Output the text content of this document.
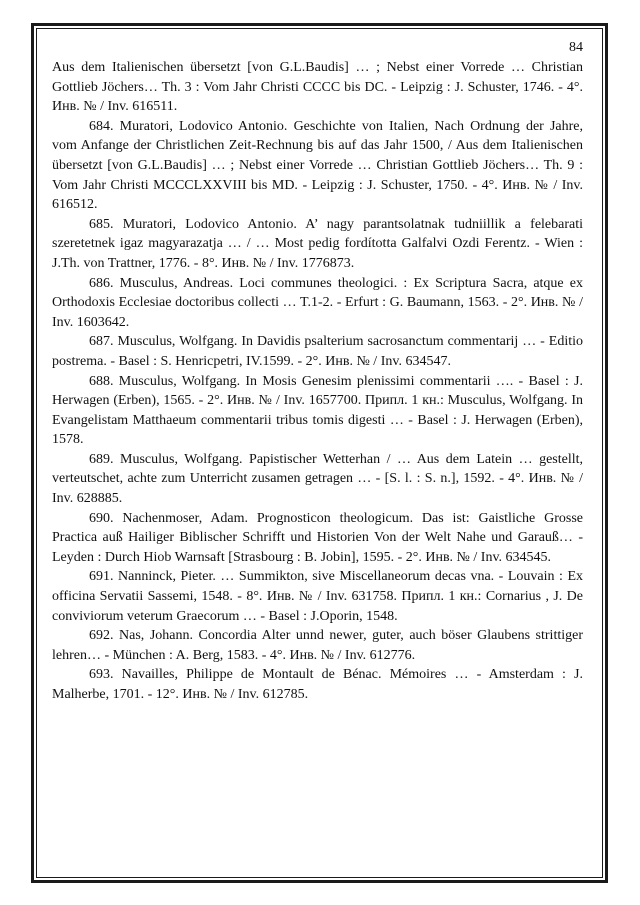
84

Aus dem Italienischen übersetzt [von G.L.Baudis] … ; Nebst einer Vorrede … Christian Gottlieb Jöchers… Th. 3 : Vom Jahr Christi CCCC bis DC. - Leipzig : J. Schuster, 1746. - 4°. Инв. № / Inv. 616511.

684. Muratori, Lodovico Antonio. Geschichte von Italien, Nach Ordnung der Jahre, vom Anfange der Christlichen Zeit-Rechnung bis auf das Jahr 1500, / Aus dem Italienischen übersetzt [von G.L.Baudis] … ; Nebst einer Vorrede … Christian Gottlieb Jöchers… Th. 9 : Vom Jahr Christi MCCCLXXVIII bis MD. - Leipzig : J. Schuster, 1750. - 4°. Инв. № / Inv. 616512.

685. Muratori, Lodovico Antonio. A’ nagy parantsolatnak tudniillik a felebarati szeretetnek igaz magyarazatja … / … Most pedig fordította Galfalvi Ozdi Ferentz. - Wien : J.Th. von Trattner, 1776. - 8°. Инв. № / Inv. 1776873.

686. Musculus, Andreas. Loci communes theologici. : Ex Scriptura Sacra, atque ex Orthodoxis Ecclesiae doctoribus collecti … T.1-2. - Erfurt : G. Baumann, 1563. - 2°. Инв. № / Inv. 1603642.

687. Musculus, Wolfgang. In Davidis psalterium sacrosanctum commentarij … - Editio postrema. - Basel : S. Henricpetri, IV.1599. - 2°. Инв. № / Inv. 634547.

688. Musculus, Wolfgang. In Mosis Genesim plenissimi commentarii …. - Basel : J. Herwagen (Erben), 1565. - 2°. Инв. № / Inv. 1657700. Припл. 1 кн.: Musculus, Wolfgang. In Evangelistam Matthaeum commentarii tribus tomis digesti … - Basel : J. Herwagen (Erben), 1578.

689. Musculus, Wolfgang. Papistischer Wetterhan / … Aus dem Latein … gestellt, verteutschet, achte zum Unterricht zusamen getragen … - [S. l. : S. n.], 1592. - 4°. Инв. № / Inv. 628885.

690. Nachenmoser, Adam. Prognosticon theologicum. Das ist: Gaistliche Grosse Practica auß Hailiger Biblischer Schrifft und Historien Von der Welt Nahe und Garauß… - Leyden : Durch Hiob Warnsaft [Strasbourg : B. Jobin], 1595. - 2°. Инв. № / Inv. 634545.

691. Nanninck, Pieter. … Summikton, sive Miscellaneorum decas vna. - Louvain : Ex officina Servatii Sassemi, 1548. - 8°. Инв. № / Inv. 631758. Припл. 1 кн.: Cornarius , J. De conviviorum veterum Graecorum … - Basel : J.Oporin, 1548.

692. Nas, Johann. Concordia Alter unnd newer, guter, auch böser Glaubens strittiger lehren… - München : A. Berg, 1583. - 4°. Инв. № / Inv. 612776.

693. Navailles, Philippe de Montault de Bénac. Mémoires … - Amsterdam : J. Malherbe, 1701. - 12°. Инв. № / Inv. 612785.
